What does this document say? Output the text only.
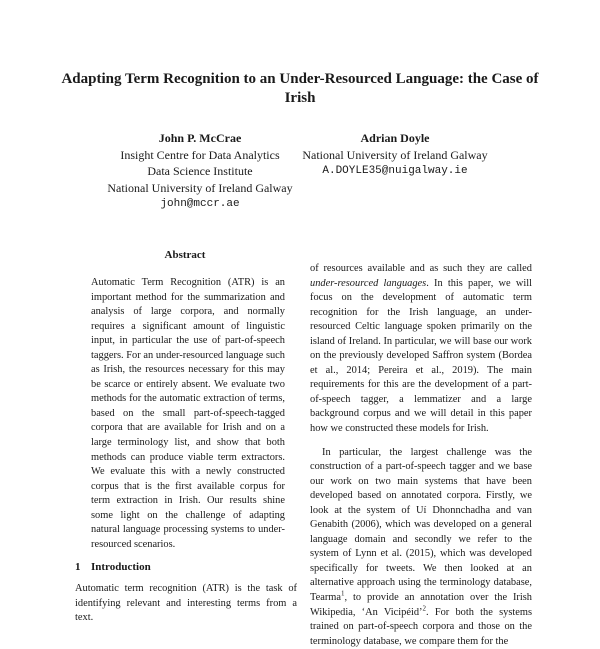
Adapting Term Recognition to an Under-Resourced Language: the Case of Irish
John P. McCrae
Insight Centre for Data Analytics
Data Science Institute
National University of Ireland Galway
john@mccr.ae
Adrian Doyle
National University of Ireland Galway
A.DOYLE35@nuigalway.ie
Abstract

Automatic Term Recognition (ATR) is an important method for the summarization and analysis of large corpora, and normally requires a significant amount of linguistic input, in particular the use of part-of-speech taggers. For an under-resourced language such as Irish, the resources necessary for this may be scarce or entirely absent. We evaluate two methods for the automatic extraction of terms, based on the small part-of-speech-tagged corpora that are available for Irish and on a large terminology list, and show that both methods can produce viable term extractors. We evaluate this with a newly constructed corpus that is the first available corpus for term extraction in Irish. Our results shine some light on the challenge of adapting natural language processing systems to under-resourced scenarios.

1 Introduction

Automatic term recognition (ATR) is the task of identifying relevant and interesting terms from a text.

of resources available and as such they are called under-resourced languages. In this paper, we will focus on the development of automatic term recognition for the Irish language, an under-resourced Celtic language spoken primarily on the island of Ireland. In particular, we will base our work on the previously developed Saffron system (Bordea et al., 2014; Pereira et al., 2019). The main requirements for this are the development of a part-of-speech tagger, a lemmatizer and a large background corpus and we will detail in this paper how we constructed these models for Irish.

In particular, the largest challenge was the construction of a part-of-speech tagger and we base our work on two main systems that have been developed based on annotated corpora. Firstly, we look at the system of Uí Dhonnchadha and van Genabith (2006), which was developed on a general language domain and secondly we refer to the system of Lynn et al. (2015), which was developed specifically for tweets. We then looked at an alternative approach using the terminology database, Tearma$^1$, to provide an annotation over the Irish Wikipedia, ‘An Vicipéid’$^2$. For both the systems trained on part-of-speech corpora and those on the terminology database, we compare them for the
